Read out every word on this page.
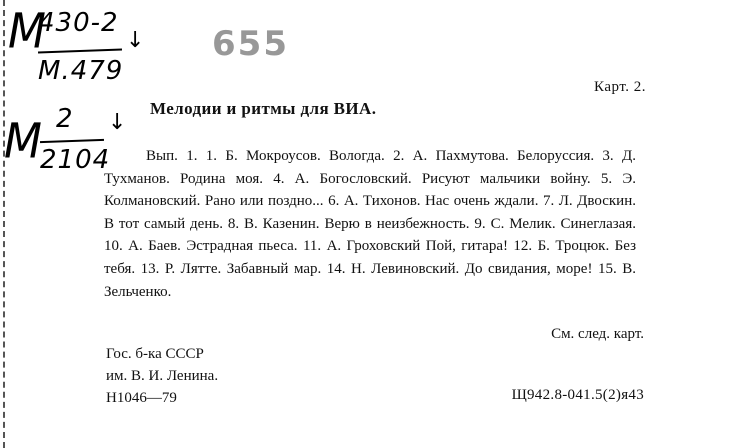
М
430-2
М.479
↓
М 2
2104
↓
6‍55
Карт. 2.
Мелодии и ритмы для ВИА.
Вып. 1. 1. Б. Мокроусов. Вологда. 2. А. Пахмутова. Белоруссия. 3. Д. Тухманов. Родина моя. 4. А. Богословский. Рисуют мальчики войну. 5. Э. Колмановский. Рано или поздно... 6. А. Тихонов. Нас очень ждали. 7. Л. Двоскин. В тот самый день. 8. В. Казенин. Верю в неизбежность. 9. С. Мелик. Синеглазая. 10. А. Баев. Эстрадная пьеса. 11. А. Гроховский Пой, гитара! 12. Б. Троцюк. Без тебя. 13. Р. Лятте. Забавный мар. 14. Н. Левиновский. До свидания, море! 15. В. Зельченко.
См. след. карт.
Гос. б-ка СССР
им. В. И. Ленина.
Н1046—79	Щ942.8-041.5(2)я43
